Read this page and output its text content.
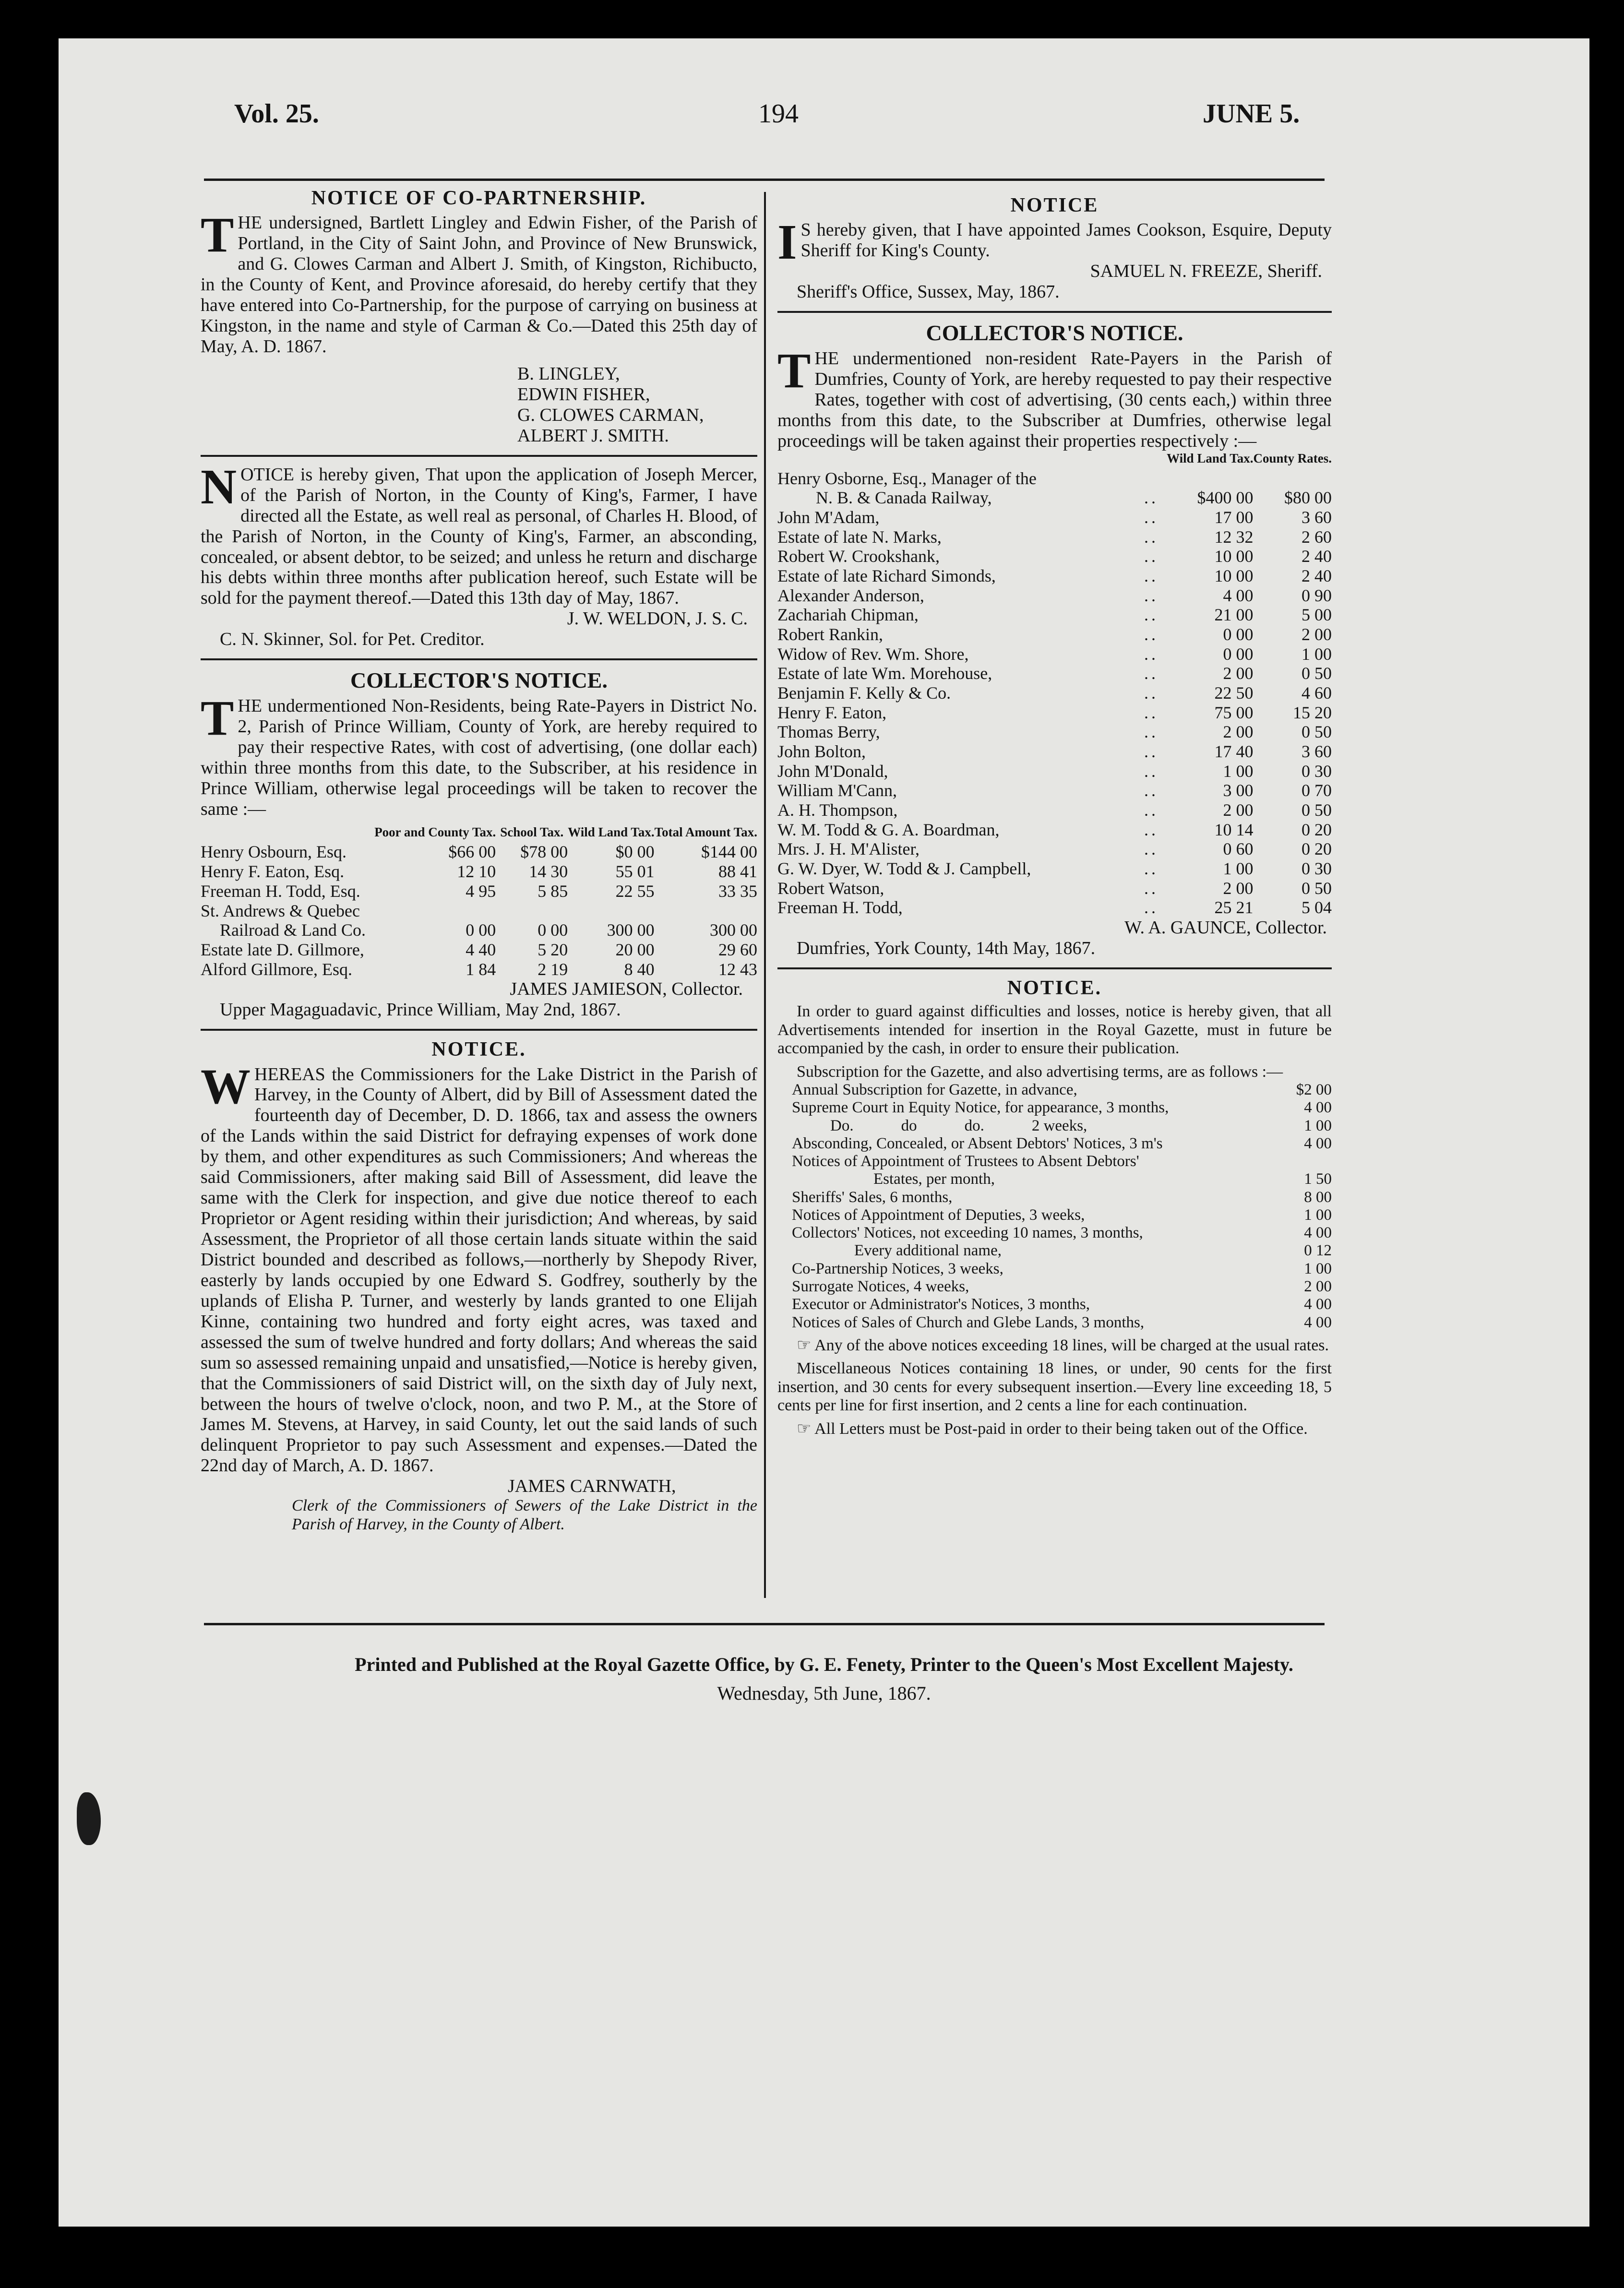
Vol. 25.	194	JUNE 5.
NOTICE OF CO-PARTNERSHIP.

THE undersigned, Bartlett Lingley and Edwin Fisher, of the Parish of Portland, in the City of Saint John, and Province of New Brunswick, and G. Clowes Carman and Albert J. Smith, of Kingston, Richibucto, in the County of Kent, and Province aforesaid, do hereby certify that they have entered into Co-Partnership, for the purpose of carrying on business at Kingston, in the name and style of Carman & Co.—Dated this 25th day of May, A. D. 1867.

B. LINGLEY,
EDWIN FISHER,
G. CLOWES CARMAN,
ALBERT J. SMITH.

NOTICE is hereby given, That upon the application of Joseph Mercer, of the Parish of Norton, in the County of King's, Farmer, I have directed all the Estate, as well real as personal, of Charles H. Blood, of the Parish of Norton, in the County of King's, Farmer, an absconding, concealed, or absent debtor, to be seized; and unless he return and discharge his debts within three months after publication hereof, such Estate will be sold for the payment thereof.—Dated this 13th day of May, 1867.

J. W. WELDON, J. S. C.
C. N. Skinner, Sol. for Pet. Creditor.
COLLECTOR'S NOTICE.

THE undermentioned Non-Residents, being Rate-Payers in District No. 2, Parish of Prince William, County of York, are hereby required to pay their respective Rates, with cost of advertising, (one dollar each) within three months from this date, to the Subscriber, at his residence in Prince William, otherwise legal proceedings will be taken to recover the same :—

	Poor and County Tax.	School Tax.	Wild Land Tax.	Total Amount Tax.
Henry Osbourn, Esq.	$66 00	$78 00	$0 00	$144 00
Henry F. Eaton, Esq.	12 10	14 30	55 01	88 41
Freeman H. Todd, Esq.	4 95	5 85	22 55	33 35
St. Andrews & Quebec				
Railroad & Land Co.	0 00	0 00	300 00	300 00
Estate late D. Gillmore,	4 40	5 20	20 00	29 60
Alford Gillmore, Esq.	1 84	2 19	8 40	12 43
JAMES JAMIESON, Collector.
Upper Magaguadavic, Prince William, May 2nd, 1867.
NOTICE.

WHEREAS the Commissioners for the Lake District in the Parish of Harvey, in the County of Albert, did by Bill of Assessment dated the fourteenth day of December, D. D. 1866, tax and assess the owners of the Lands within the said District for defraying expenses of work done by them, and other expenditures as such Commissioners; And whereas the said Commissioners, after making said Bill of Assessment, did leave the same with the Clerk for inspection, and give due notice thereof to each Proprietor or Agent residing within their jurisdiction; And whereas, by said Assessment, the Proprietor of all those certain lands situate within the said District bounded and described as follows,—northerly by Shepody River, easterly by lands occupied by one Edward S. Godfrey, southerly by the uplands of Elisha P. Turner, and westerly by lands granted to one Elijah Kinne, containing two hundred and forty eight acres, was taxed and assessed the sum of twelve hundred and forty dollars; And whereas the said sum so assessed remaining unpaid and unsatisfied,—Notice is hereby given, that the Commissioners of said District will, on the sixth day of July next, between the hours of twelve o'clock, noon, and two P. M., at the Store of James M. Stevens, at Harvey, in said County, let out the said lands of such delinquent Proprietor to pay such Assessment and expenses.—Dated the 22nd day of March, A. D. 1867.

JAMES CARNWATH,
Clerk of the Commissioners of Sewers of the Lake District in the Parish of Harvey, in the County of Albert.
NOTICE

I S hereby given, that I have appointed James Cookson, Esquire, Deputy Sheriff for King's County.

SAMUEL N. FREEZE, Sheriff.
Sheriff's Office, Sussex, May, 1867.
COLLECTOR'S NOTICE.

THE undermentioned non-resident Rate-Payers in the Parish of Dumfries, County of York, are hereby requested to pay their respective Rates, together with cost of advertising, (30 cents each,) within three months from this date, to the Subscriber at Dumfries, otherwise legal proceedings will be taken against their properties respectively :—

		Wild Land Tax.	County Rates.
Henry Osborne, Esq., Manager of the			
N. B. & Canada Railway,	..	$400 00	$80 00
John M'Adam,	..	17 00	3 60
Estate of late N. Marks,	..	12 32	2 60
Robert W. Crookshank,	..	10 00	2 40
Estate of late Richard Simonds,	..	10 00	2 40
Alexander Anderson,	..	4 00	0 90
Zachariah Chipman,	..	21 00	5 00
Robert Rankin,	..	0 00	2 00
Widow of Rev. Wm. Shore,	..	0 00	1 00
Estate of late Wm. Morehouse,	..	2 00	0 50
Benjamin F. Kelly & Co.	..	22 50	4 60
Henry F. Eaton,	..	75 00	15 20
Thomas Berry,	..	2 00	0 50
John Bolton,	..	17 40	3 60
John M'Donald,	..	1 00	0 30
William M'Cann,	..	3 00	0 70
A. H. Thompson,	..	2 00	0 50
W. M. Todd & G. A. Boardman,	..	10 14	0 20
Mrs. J. H. M'Alister,	..	0 60	0 20
G. W. Dyer, W. Todd & J. Campbell,	..	1 00	0 30
Robert Watson,	..	2 00	0 50
Freeman H. Todd,	..	25 21	5 04
W. A. GAUNCE, Collector.
Dumfries, York County, 14th May, 1867.
NOTICE.

In order to guard against difficulties and losses, notice is hereby given, that all Advertisements intended for insertion in the Royal Gazette, must in future be accompanied by the cash, in order to ensure their publication.

Subscription for the Gazette, and also advertising terms, are as follows :—

Annual Subscription for Gazette, in advance,	$2 00
Supreme Court in Equity Notice, for appearance, 3 months,	4 00
Do.            do            do.            2 weeks,	1 00
Absconding, Concealed, or Absent Debtors' Notices, 3 m's	4 00
Notices of Appointment of Trustees to Absent Debtors'	
Estates, per month,	1 50
Sheriffs' Sales, 6 months,	8 00
Notices of Appointment of Deputies, 3 weeks,	1 00
Collectors' Notices, not exceeding 10 names, 3 months,	4 00
Every additional name,	0 12
Co-Partnership Notices, 3 weeks,	1 00
Surrogate Notices, 4 weeks,	2 00
Executor or Administrator's Notices, 3 months,	4 00
Notices of Sales of Church and Glebe Lands, 3 months,	4 00

☞ Any of the above notices exceeding 18 lines, will be charged at the usual rates.

Miscellaneous Notices containing 18 lines, or under, 90 cents for the first insertion, and 30 cents for every subsequent insertion.—Every line exceeding 18, 5 cents per line for first insertion, and 2 cents a line for each continuation.

☞ All Letters must be Post-paid in order to their being taken out of the Office.

Printed and Published at the Royal Gazette Office, by G. E. Fenety, Printer to the Queen's Most Excellent Majesty.
Wednesday, 5th June, 1867.
